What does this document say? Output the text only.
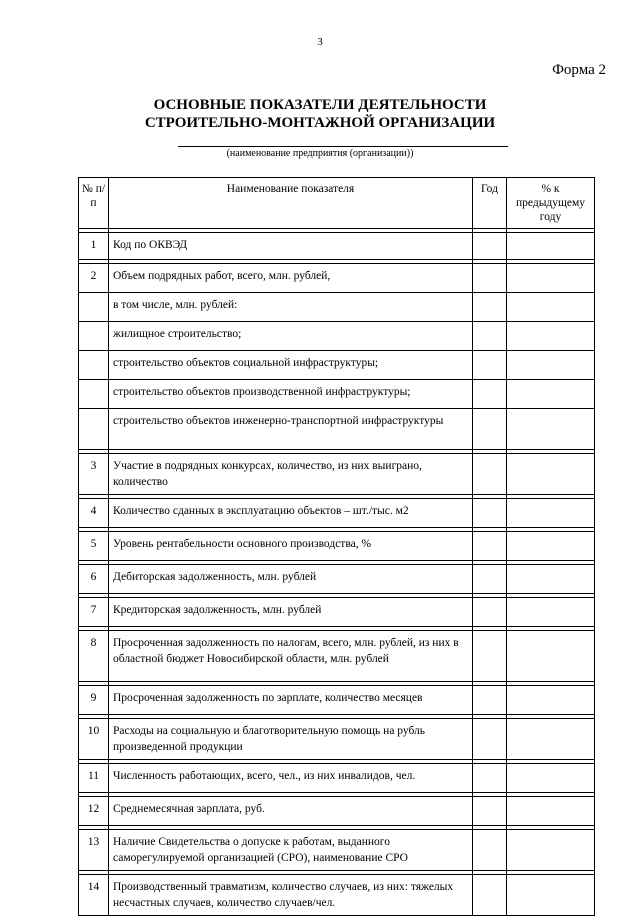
3
Форма 2
ОСНОВНЫЕ ПОКАЗАТЕЛИ ДЕЯТЕЛЬНОСТИ
СТРОИТЕЛЬНО-МОНТАЖНОЙ ОРГАНИЗАЦИИ
(наименование предприятия (организации))
№ п/п	Наименование показателя	Год	% к предыдущему году

1	Код по ОКВЭД		

2	Объем подрядных работ, всего, млн. рублей,		

	в том числе, млн. рублей:		

	жилищное строительство;		

	строительство объектов социальной инфраструктуры;		

	строительство объектов производственной инфраструктуры;		

	строительство объектов инженерно-транспортной инфраструктуры		

3	Участие в подрядных конкурсах, количество, из них выиграно, количество		

4	Количество сданных в эксплуатацию объектов – шт./тыс. м2		

5	Уровень рентабельности основного производства, %		

6	Дебиторская задолженность, млн. рублей		

7	Кредиторская задолженность, млн. рублей		

8	Просроченная задолженность по налогам, всего, млн. рублей, из них в областной бюджет Новосибирской области, млн. рублей		

9	Просроченная задолженность по зарплате, количество месяцев		

10	Расходы на социальную и благотворительную помощь на рубль произведенной продукции		

11	Численность работающих, всего, чел., из них инвалидов, чел.		

12	Среднемесячная зарплата, руб.		

13	Наличие Свидетельства о допуске к работам, выданного саморегулируемой организацией (СРО), наименование СРО		

14	Производственный травматизм, количество случаев, из них: тяжелых несчастных случаев, количество случаев/чел.		
